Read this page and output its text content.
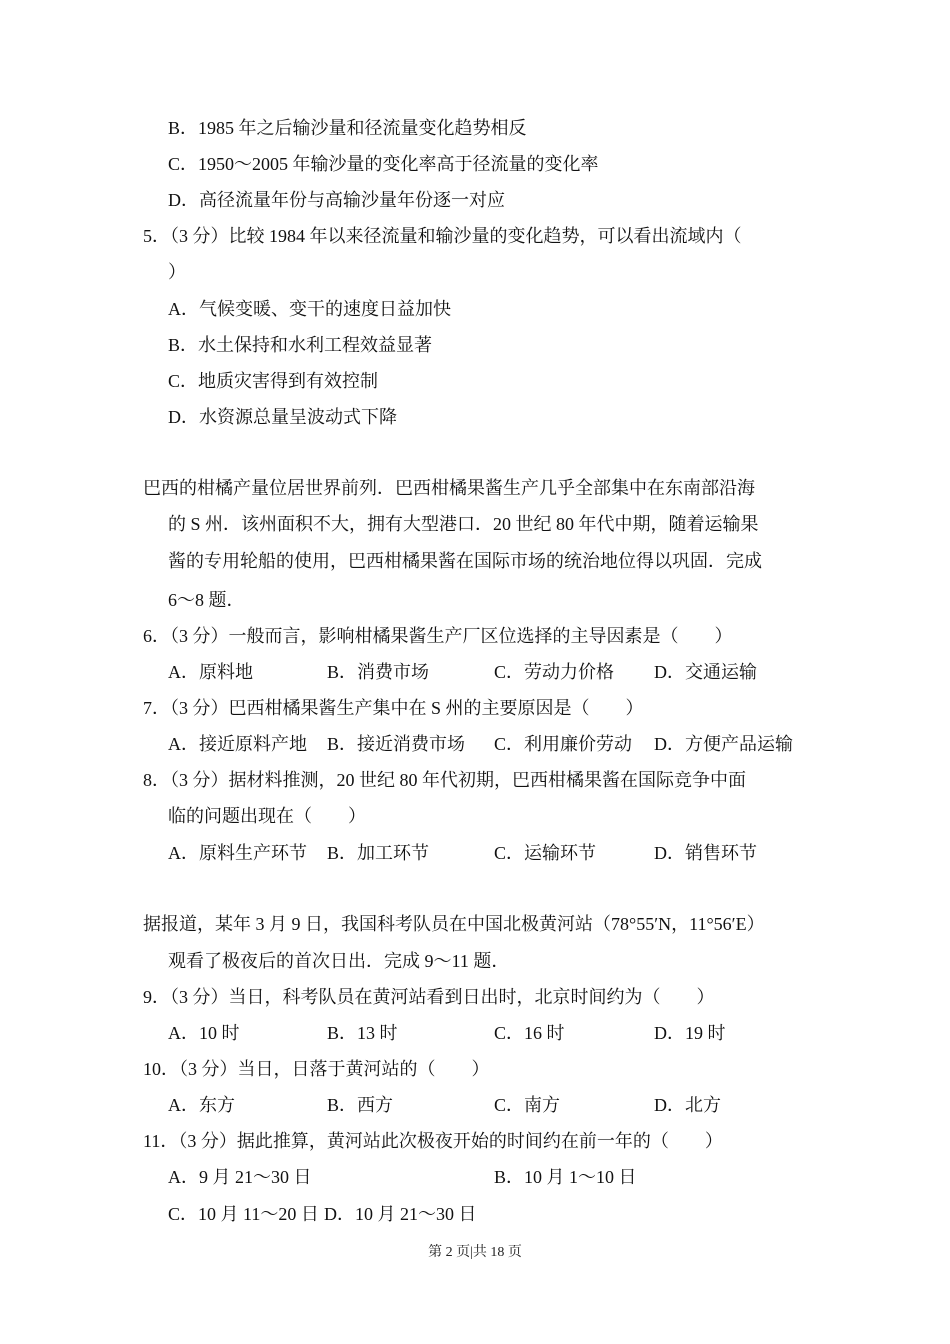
B．1985 年之后输沙量和径流量变化趋势相反
C．1950～2005 年输沙量的变化率高于径流量的变化率
D．高径流量年份与高输沙量年份逐一对应
5．（3 分）比较 1984 年以来径流量和输沙量的变化趋势，可以看出流域内（
）
A．气候变暖、变干的速度日益加快
B．水土保持和水利工程效益显著
C．地质灾害得到有效控制
D．水资源总量呈波动式下降
巴西的柑橘产量位居世界前列．巴西柑橘果酱生产几乎全部集中在东南部沿海
的 S 州．该州面积不大，拥有大型港口．20 世纪 80 年代中期，随着运输果
酱的专用轮船的使用，巴西柑橘果酱在国际市场的统治地位得以巩固．完成
6～8 题．
6．（3 分）一般而言，影响柑橘果酱生产厂区位选择的主导因素是（　　）
A．原料地	B．消费市场	C．劳动力价格 D．交通运输
7．（3 分）巴西柑橘果酱生产集中在 S 州的主要原因是（　　）
A．接近原料产地 B．接近消费市场 C．利用廉价劳动 D．方便产品运输
8．（3 分）据材料推测，20 世纪 80 年代初期，巴西柑橘果酱在国际竞争中面
临的问题出现在（　　）
A．原料生产环节 B．加工环节	C．运输环节	D．销售环节
据报道，某年 3 月 9 日，我国科考队员在中国北极黄河站（78°55′N，11°56′E）
观看了极夜后的首次日出．完成 9～11 题．
9．（3 分）当日，科考队员在黄河站看到日出时，北京时间约为（　　）
A．10 时	B．13 时	C．16 时	D．19 时
10．（3 分）当日，日落于黄河站的（　　）
A．东方	B．西方	C．南方	D．北方
11．（3 分）据此推算，黄河站此次极夜开始的时间约在前一年的（　　）
A．9 月 21～30 日	B．10 月 1～10 日
C．10 月 11～20 日 D．10 月 21～30 日
第 2 页|共 18 页
